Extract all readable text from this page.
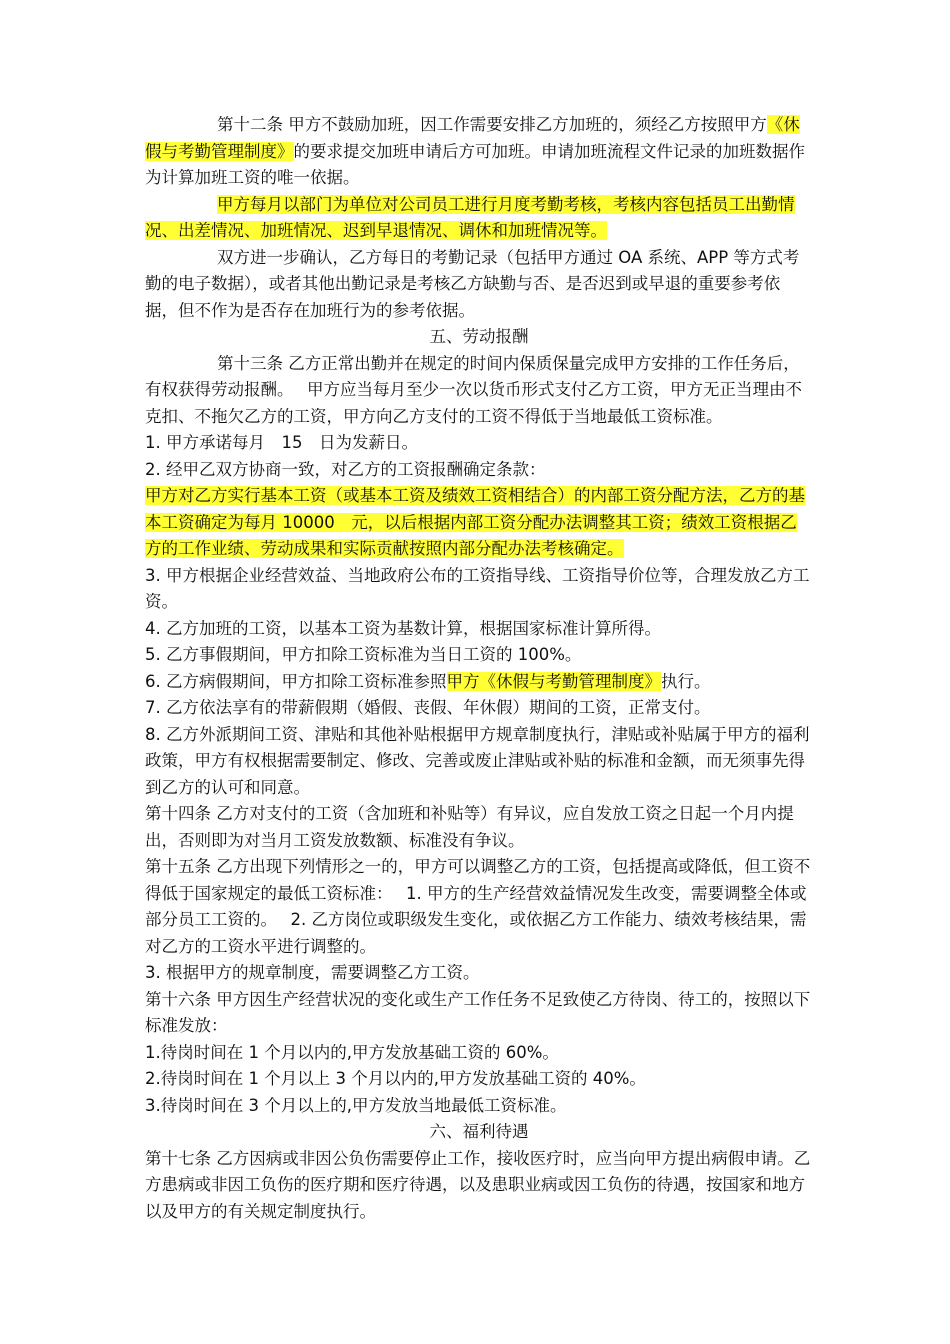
第十二条 甲方不鼓励加班，因工作需要安排乙方加班的，须经乙方按照甲方《休假与考勤管理制度》的要求提交加班申请后方可加班。申请加班流程文件记录的加班数据作为计算加班工资的唯一依据。

甲方每月以部门为单位对公司员工进行月度考勤考核，考核内容包括员工出勤情况、出差情况、加班情况、迟到早退情况、调休和加班情况等。

双方进一步确认，乙方每日的考勤记录（包括甲方通过 OA 系统、APP 等方式考勤的电子数据），或者其他出勤记录是考核乙方缺勤与否、是否迟到或早退的重要参考依据，但不作为是否存在加班行为的参考依据。

五、劳动报酬

第十三条 乙方正常出勤并在规定的时间内保质保量完成甲方安排的工作任务后，有权获得劳动报酬。　 甲方应当每月至少一次以货币形式支付乙方工资，甲方无正当理由不克扣、不拖欠乙方的工资，甲方向乙方支付的工资不得低于当地最低工资标准。

1. 甲方承诺每月　15　日为发薪日。

2. 经甲乙双方协商一致，对乙方的工资报酬确定条款：

甲方对乙方实行基本工资（或基本工资及绩效工资相结合）的内部工资分配方法，乙方的基本工资确定为每月 10000　元，以后根据内部工资分配办法调整其工资；绩效工资根据乙方的工作业绩、劳动成果和实际贡献按照内部分配办法考核确定。

3. 甲方根据企业经营效益、当地政府公布的工资指导线、工资指导价位等，合理发放乙方工资。

4. 乙方加班的工资，以基本工资为基数计算，根据国家标准计算所得。

5. 乙方事假期间，甲方扣除工资标准为当日工资的 100%。

6. 乙方病假期间，甲方扣除工资标准参照甲方《休假与考勤管理制度》执行。

7. 乙方依法享有的带薪假期（婚假、丧假、年休假）期间的工资，正常支付。

8. 乙方外派期间工资、津贴和其他补贴根据甲方规章制度执行，津贴或补贴属于甲方的福利政策，甲方有权根据需要制定、修改、完善或废止津贴或补贴的标准和金额，而无须事先得到乙方的认可和同意。

第十四条 乙方对支付的工资（含加班和补贴等）有异议，应自发放工资之日起一个月内提出，否则即为对当月工资发放数额、标准没有争议。

第十五条 乙方出现下列情形之一的，甲方可以调整乙方的工资，包括提高或降低，但工资不得低于国家规定的最低工资标准：　 1. 甲方的生产经营效益情况发生改变，需要调整全体或部分员工工资的。　 2. 乙方岗位或职级发生变化，或依据乙方工作能力、绩效考核结果，需对乙方的工资水平进行调整的。

3. 根据甲方的规章制度，需要调整乙方工资。

第十六条 甲方因生产经营状况的变化或生产工作任务不足致使乙方待岗、待工的，按照以下标准发放：

1.待岗时间在 1 个月以内的,甲方发放基础工资的 60%。

2.待岗时间在 1 个月以上 3 个月以内的,甲方发放基础工资的 40%。

3.待岗时间在 3 个月以上的,甲方发放当地最低工资标准。

六、福利待遇

第十七条 乙方因病或非因公负伤需要停止工作，接收医疗时，应当向甲方提出病假申请。乙方患病或非因工负伤的医疗期和医疗待遇，以及患职业病或因工负伤的待遇，按国家和地方以及甲方的有关规定制度执行。
